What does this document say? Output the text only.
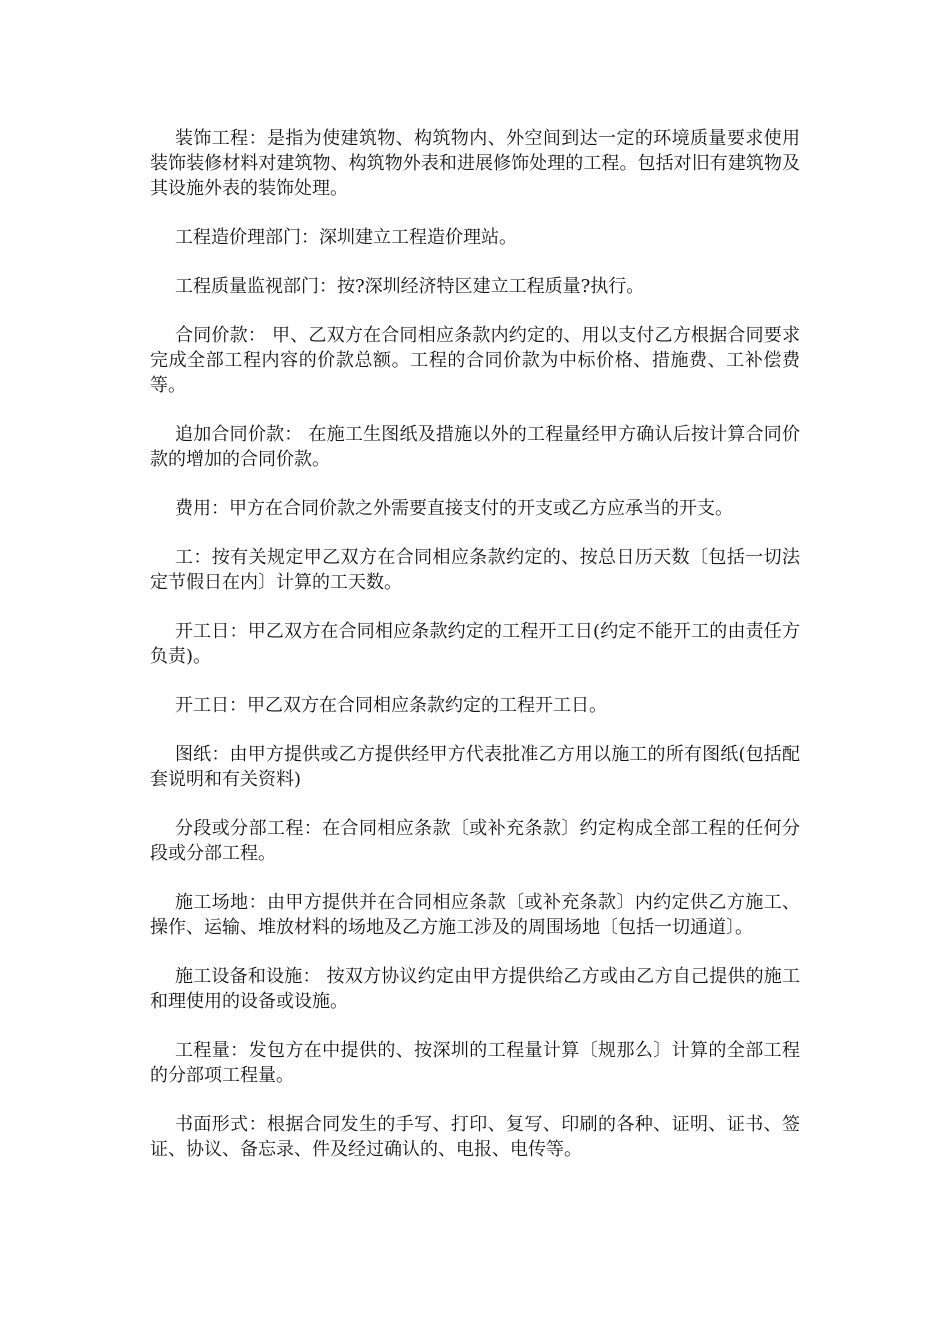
装饰工程：是指为使建筑物、构筑物内、外空间到达一定的环境质量要求使用装饰装修材料对建筑物、构筑物外表和进展修饰处理的工程。包括对旧有建筑物及其设施外表的装饰处理。

工程造价理部门：深圳建立工程造价理站。

工程质量监视部门：按?深圳经济特区建立工程质量?执行。

合同价款： 甲、乙双方在合同相应条款内约定的、用以支付乙方根据合同要求完成全部工程内容的价款总额。工程的合同价款为中标价格、措施费、工补偿费等。

追加合同价款： 在施工生图纸及措施以外的工程量经甲方确认后按计算合同价款的增加的合同价款。

费用：甲方在合同价款之外需要直接支付的开支或乙方应承当的开支。

工：按有关规定甲乙双方在合同相应条款约定的、按总日历天数〔包括一切法定节假日在内〕计算的工天数。

开工日：甲乙双方在合同相应条款约定的工程开工日(约定不能开工的由责任方负责)。

开工日：甲乙双方在合同相应条款约定的工程开工日。

图纸：由甲方提供或乙方提供经甲方代表批准乙方用以施工的所有图纸(包括配套说明和有关资料)

分段或分部工程：在合同相应条款〔或补充条款〕约定构成全部工程的任何分段或分部工程。

施工场地：由甲方提供并在合同相应条款〔或补充条款〕内约定供乙方施工、操作、运输、堆放材料的场地及乙方施工涉及的周围场地〔包括一切通道〕。

施工设备和设施： 按双方协议约定由甲方提供给乙方或由乙方自己提供的施工和理使用的设备或设施。

工程量：发包方在中提供的、按深圳的工程量计算〔规那么〕计算的全部工程的分部项工程量。

书面形式：根据合同发生的手写、打印、复写、印刷的各种、证明、证书、签证、协议、备忘录、件及经过确认的、电报、电传等。
